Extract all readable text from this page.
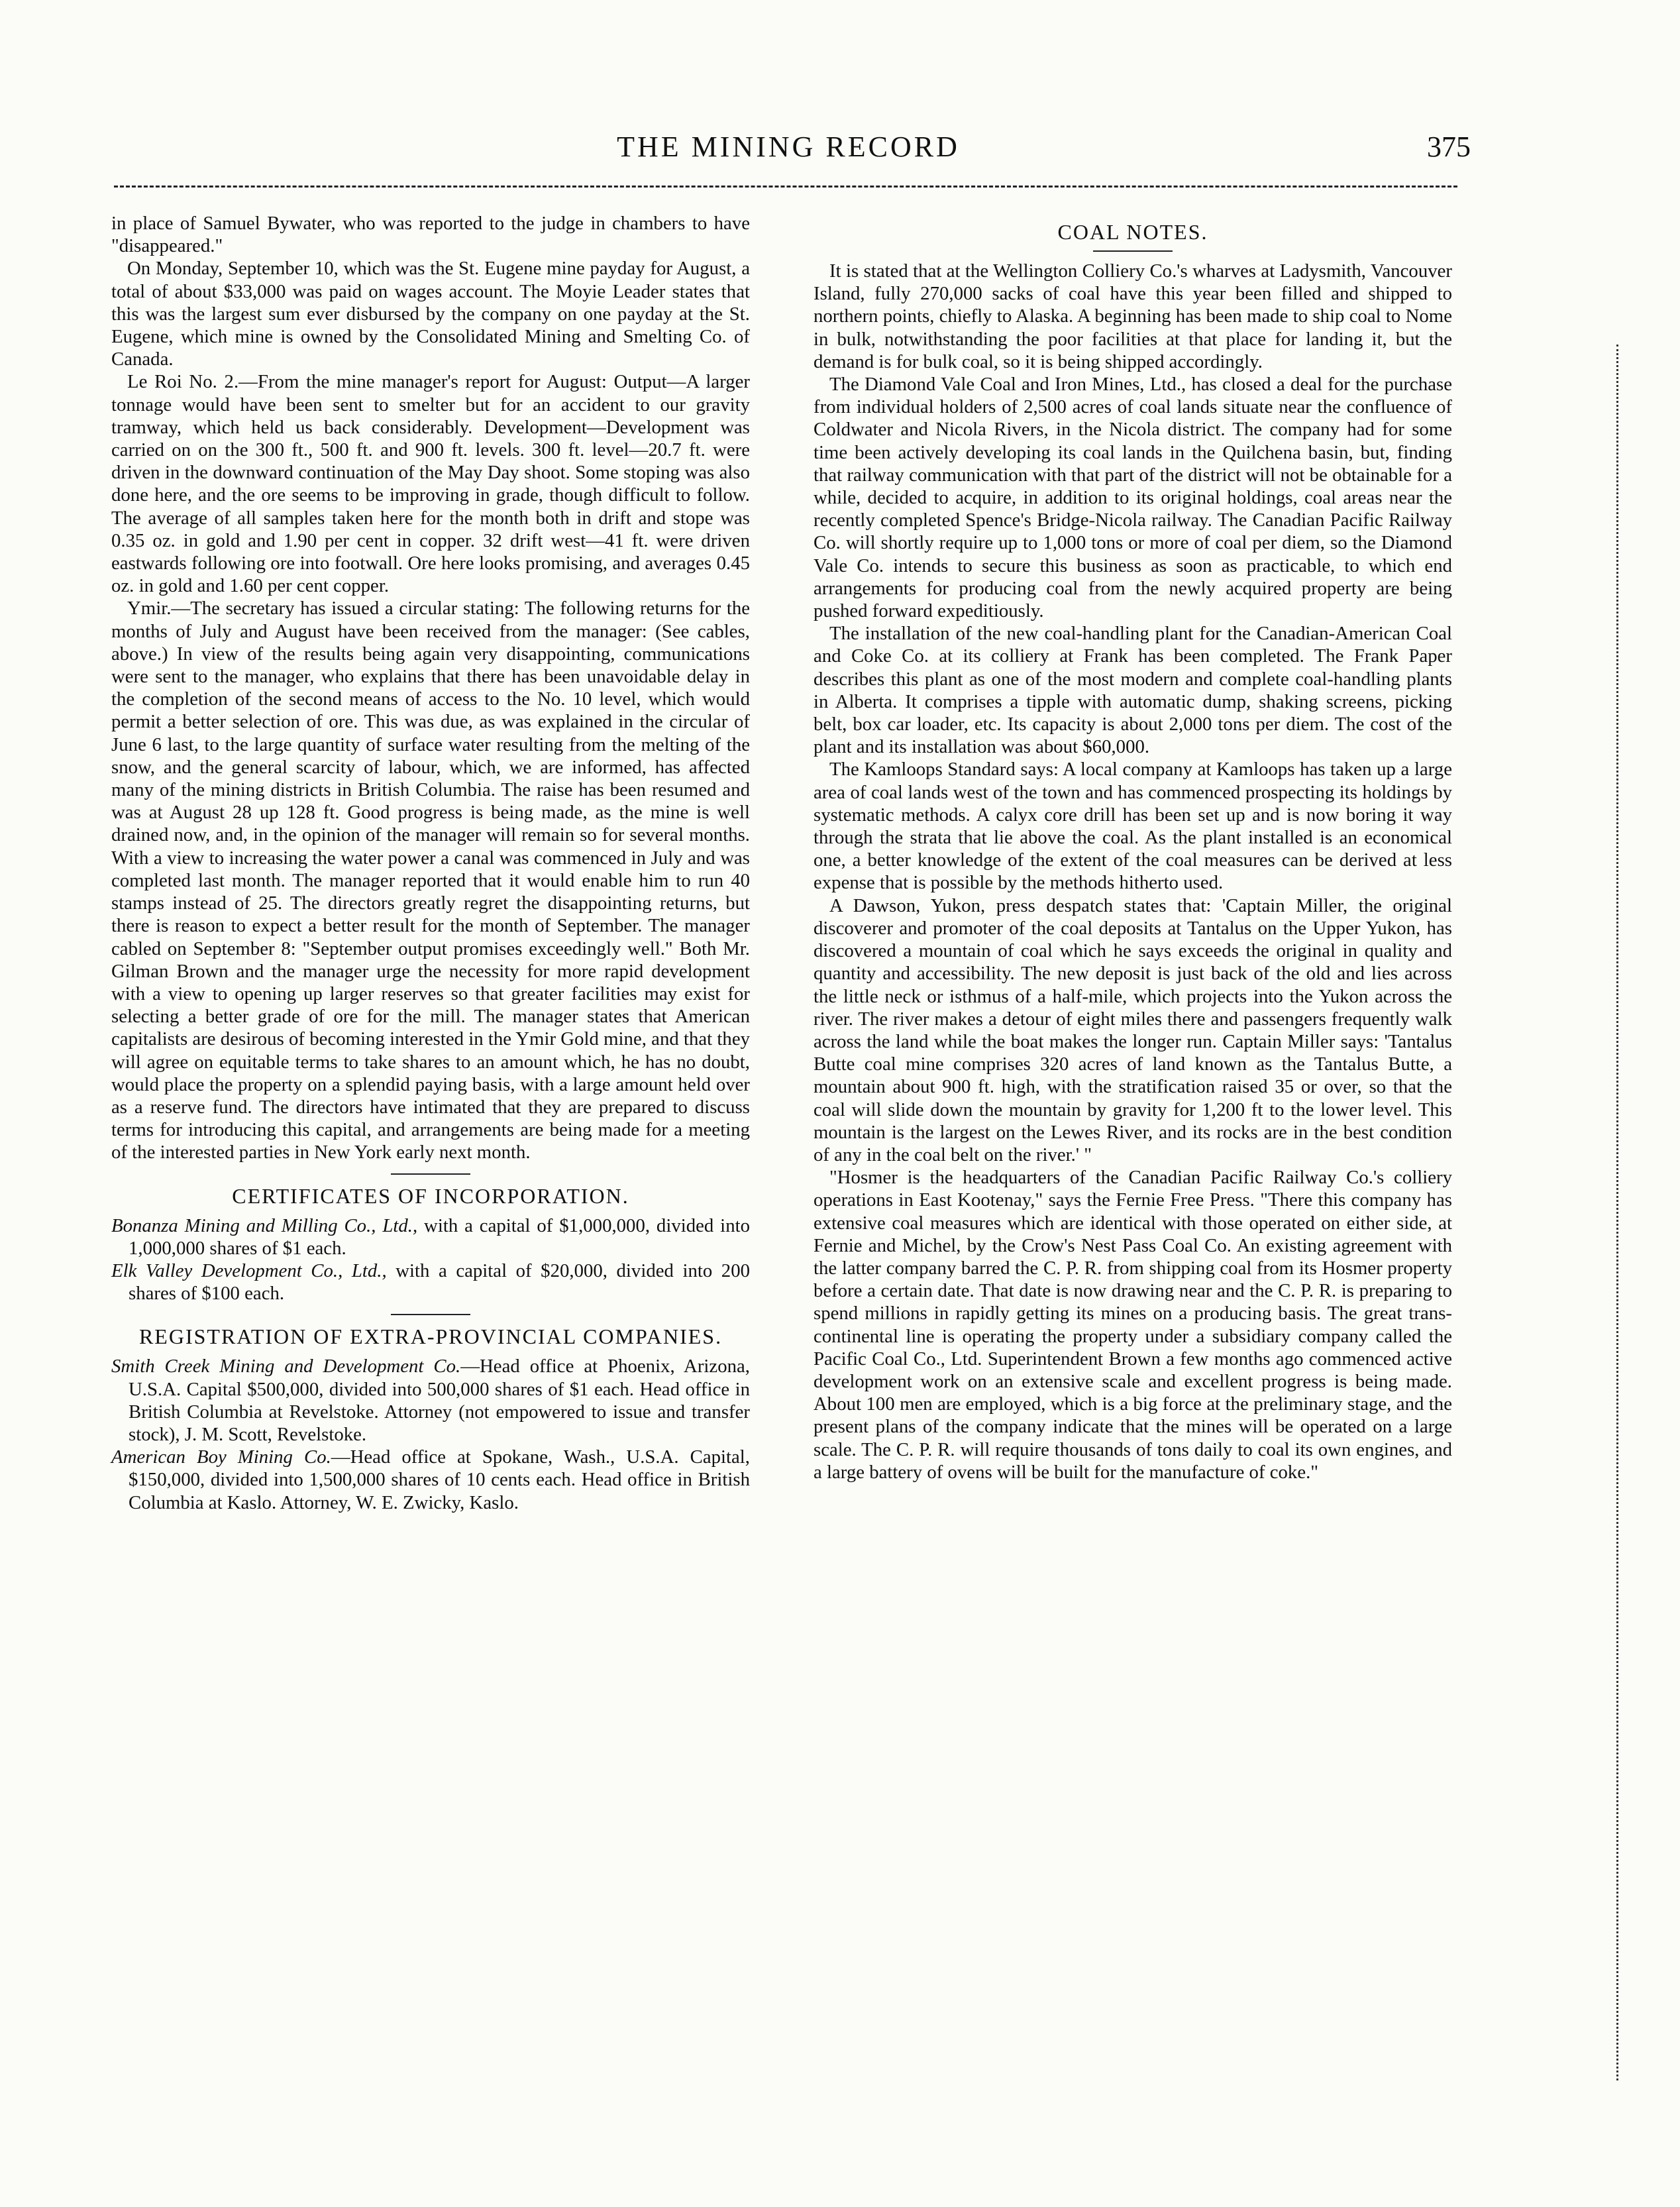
THE MINING RECORD	375

in place of Samuel Bywater, who was reported to the judge in chambers to have "disappeared."

On Monday, September 10, which was the St. Eugene mine payday for August, a total of about $33,000 was paid on wages account. The Moyie Leader states that this was the largest sum ever disbursed by the company on one payday at the St. Eugene, which mine is owned by the Consolidated Mining and Smelting Co. of Canada.

Le Roi No. 2.—From the mine manager's report for August: Output—A larger tonnage would have been sent to smelter but for an accident to our gravity tramway, which held us back considerably. Development—Development was carried on on the 300 ft., 500 ft. and 900 ft. levels. 300 ft. level—20.7 ft. were driven in the downward continuation of the May Day shoot. Some stoping was also done here, and the ore seems to be improving in grade, though difficult to follow. The average of all samples taken here for the month both in drift and stope was 0.35 oz. in gold and 1.90 per cent in copper. 32 drift west—41 ft. were driven eastwards following ore into footwall. Ore here looks promising, and averages 0.45 oz. in gold and 1.60 per cent copper.

Ymir.—The secretary has issued a circular stating: The following returns for the months of July and August have been received from the manager: (See cables, above.) In view of the results being again very disappointing, communications were sent to the manager, who explains that there has been unavoidable delay in the completion of the second means of access to the No. 10 level, which would permit a better selection of ore. This was due, as was explained in the circular of June 6 last, to the large quantity of surface water resulting from the melting of the snow, and the general scarcity of labour, which, we are informed, has affected many of the mining districts in British Columbia. The raise has been resumed and was at August 28 up 128 ft. Good progress is being made, as the mine is well drained now, and, in the opinion of the manager will remain so for several months. With a view to increasing the water power a canal was commenced in July and was completed last month. The manager reported that it would enable him to run 40 stamps instead of 25. The directors greatly regret the disappointing returns, but there is reason to expect a better result for the month of September. The manager cabled on September 8: "September output promises exceedingly well." Both Mr. Gilman Brown and the manager urge the necessity for more rapid development with a view to opening up larger reserves so that greater facilities may exist for selecting a better grade of ore for the mill. The manager states that American capitalists are desirous of becoming interested in the Ymir Gold mine, and that they will agree on equitable terms to take shares to an amount which, he has no doubt, would place the property on a splendid paying basis, with a large amount held over as a reserve fund. The directors have intimated that they are prepared to discuss terms for introducing this capital, and arrangements are being made for a meeting of the interested parties in New York early next month.

CERTIFICATES OF INCORPORATION.

Bonanza Mining and Milling Co., Ltd., with a capital of $1,000,000, divided into 1,000,000 shares of $1 each.

Elk Valley Development Co., Ltd., with a capital of $20,000, divided into 200 shares of $100 each.

REGISTRATION OF EXTRA-PROVINCIAL COMPANIES.

Smith Creek Mining and Development Co.—Head office at Phoenix, Arizona, U.S.A. Capital $500,000, divided into 500,000 shares of $1 each. Head office in British Columbia at Revelstoke. Attorney (not empowered to issue and transfer stock), J. M. Scott, Revelstoke.

American Boy Mining Co.—Head office at Spokane, Wash., U.S.A. Capital, $150,000, divided into 1,500,000 shares of 10 cents each. Head office in British Columbia at Kaslo. Attorney, W. E. Zwicky, Kaslo.

COAL NOTES.

It is stated that at the Wellington Colliery Co.'s wharves at Ladysmith, Vancouver Island, fully 270,000 sacks of coal have this year been filled and shipped to northern points, chiefly to Alaska. A beginning has been made to ship coal to Nome in bulk, notwithstanding the poor facilities at that place for landing it, but the demand is for bulk coal, so it is being shipped accordingly.

The Diamond Vale Coal and Iron Mines, Ltd., has closed a deal for the purchase from individual holders of 2,500 acres of coal lands situate near the confluence of Coldwater and Nicola Rivers, in the Nicola district. The company had for some time been actively developing its coal lands in the Quilchena basin, but, finding that railway communication with that part of the district will not be obtainable for a while, decided to acquire, in addition to its original holdings, coal areas near the recently completed Spence's Bridge-Nicola railway. The Canadian Pacific Railway Co. will shortly require up to 1,000 tons or more of coal per diem, so the Diamond Vale Co. intends to secure this business as soon as practicable, to which end arrangements for producing coal from the newly acquired property are being pushed forward expeditiously.

The installation of the new coal-handling plant for the Canadian-American Coal and Coke Co. at its colliery at Frank has been completed. The Frank Paper describes this plant as one of the most modern and complete coal-handling plants in Alberta. It comprises a tipple with automatic dump, shaking screens, picking belt, box car loader, etc. Its capacity is about 2,000 tons per diem. The cost of the plant and its installation was about $60,000.

The Kamloops Standard says: A local company at Kamloops has taken up a large area of coal lands west of the town and has commenced prospecting its holdings by systematic methods. A calyx core drill has been set up and is now boring it way through the strata that lie above the coal. As the plant installed is an economical one, a better knowledge of the extent of the coal measures can be derived at less expense that is possible by the methods hitherto used.

A Dawson, Yukon, press despatch states that: 'Captain Miller, the original discoverer and promoter of the coal deposits at Tantalus on the Upper Yukon, has discovered a mountain of coal which he says exceeds the original in quality and quantity and accessibility. The new deposit is just back of the old and lies across the little neck or isthmus of a half-mile, which projects into the Yukon across the river. The river makes a detour of eight miles there and passengers frequently walk across the land while the boat makes the longer run. Captain Miller says: 'Tantalus Butte coal mine comprises 320 acres of land known as the Tantalus Butte, a mountain about 900 ft. high, with the stratification raised 35 or over, so that the coal will slide down the mountain by gravity for 1,200 ft to the lower level. This mountain is the largest on the Lewes River, and its rocks are in the best condition of any in the coal belt on the river.' "

"Hosmer is the headquarters of the Canadian Pacific Railway Co.'s colliery operations in East Kootenay," says the Fernie Free Press. "There this company has extensive coal measures which are identical with those operated on either side, at Fernie and Michel, by the Crow's Nest Pass Coal Co. An existing agreement with the latter company barred the C. P. R. from shipping coal from its Hosmer property before a certain date. That date is now drawing near and the C. P. R. is preparing to spend millions in rapidly getting its mines on a producing basis. The great trans-continental line is operating the property under a subsidiary company called the Pacific Coal Co., Ltd. Superintendent Brown a few months ago commenced active development work on an extensive scale and excellent progress is being made. About 100 men are employed, which is a big force at the preliminary stage, and the present plans of the company indicate that the mines will be operated on a large scale. The C. P. R. will require thousands of tons daily to coal its own engines, and a large battery of ovens will be built for the manufacture of coke."
